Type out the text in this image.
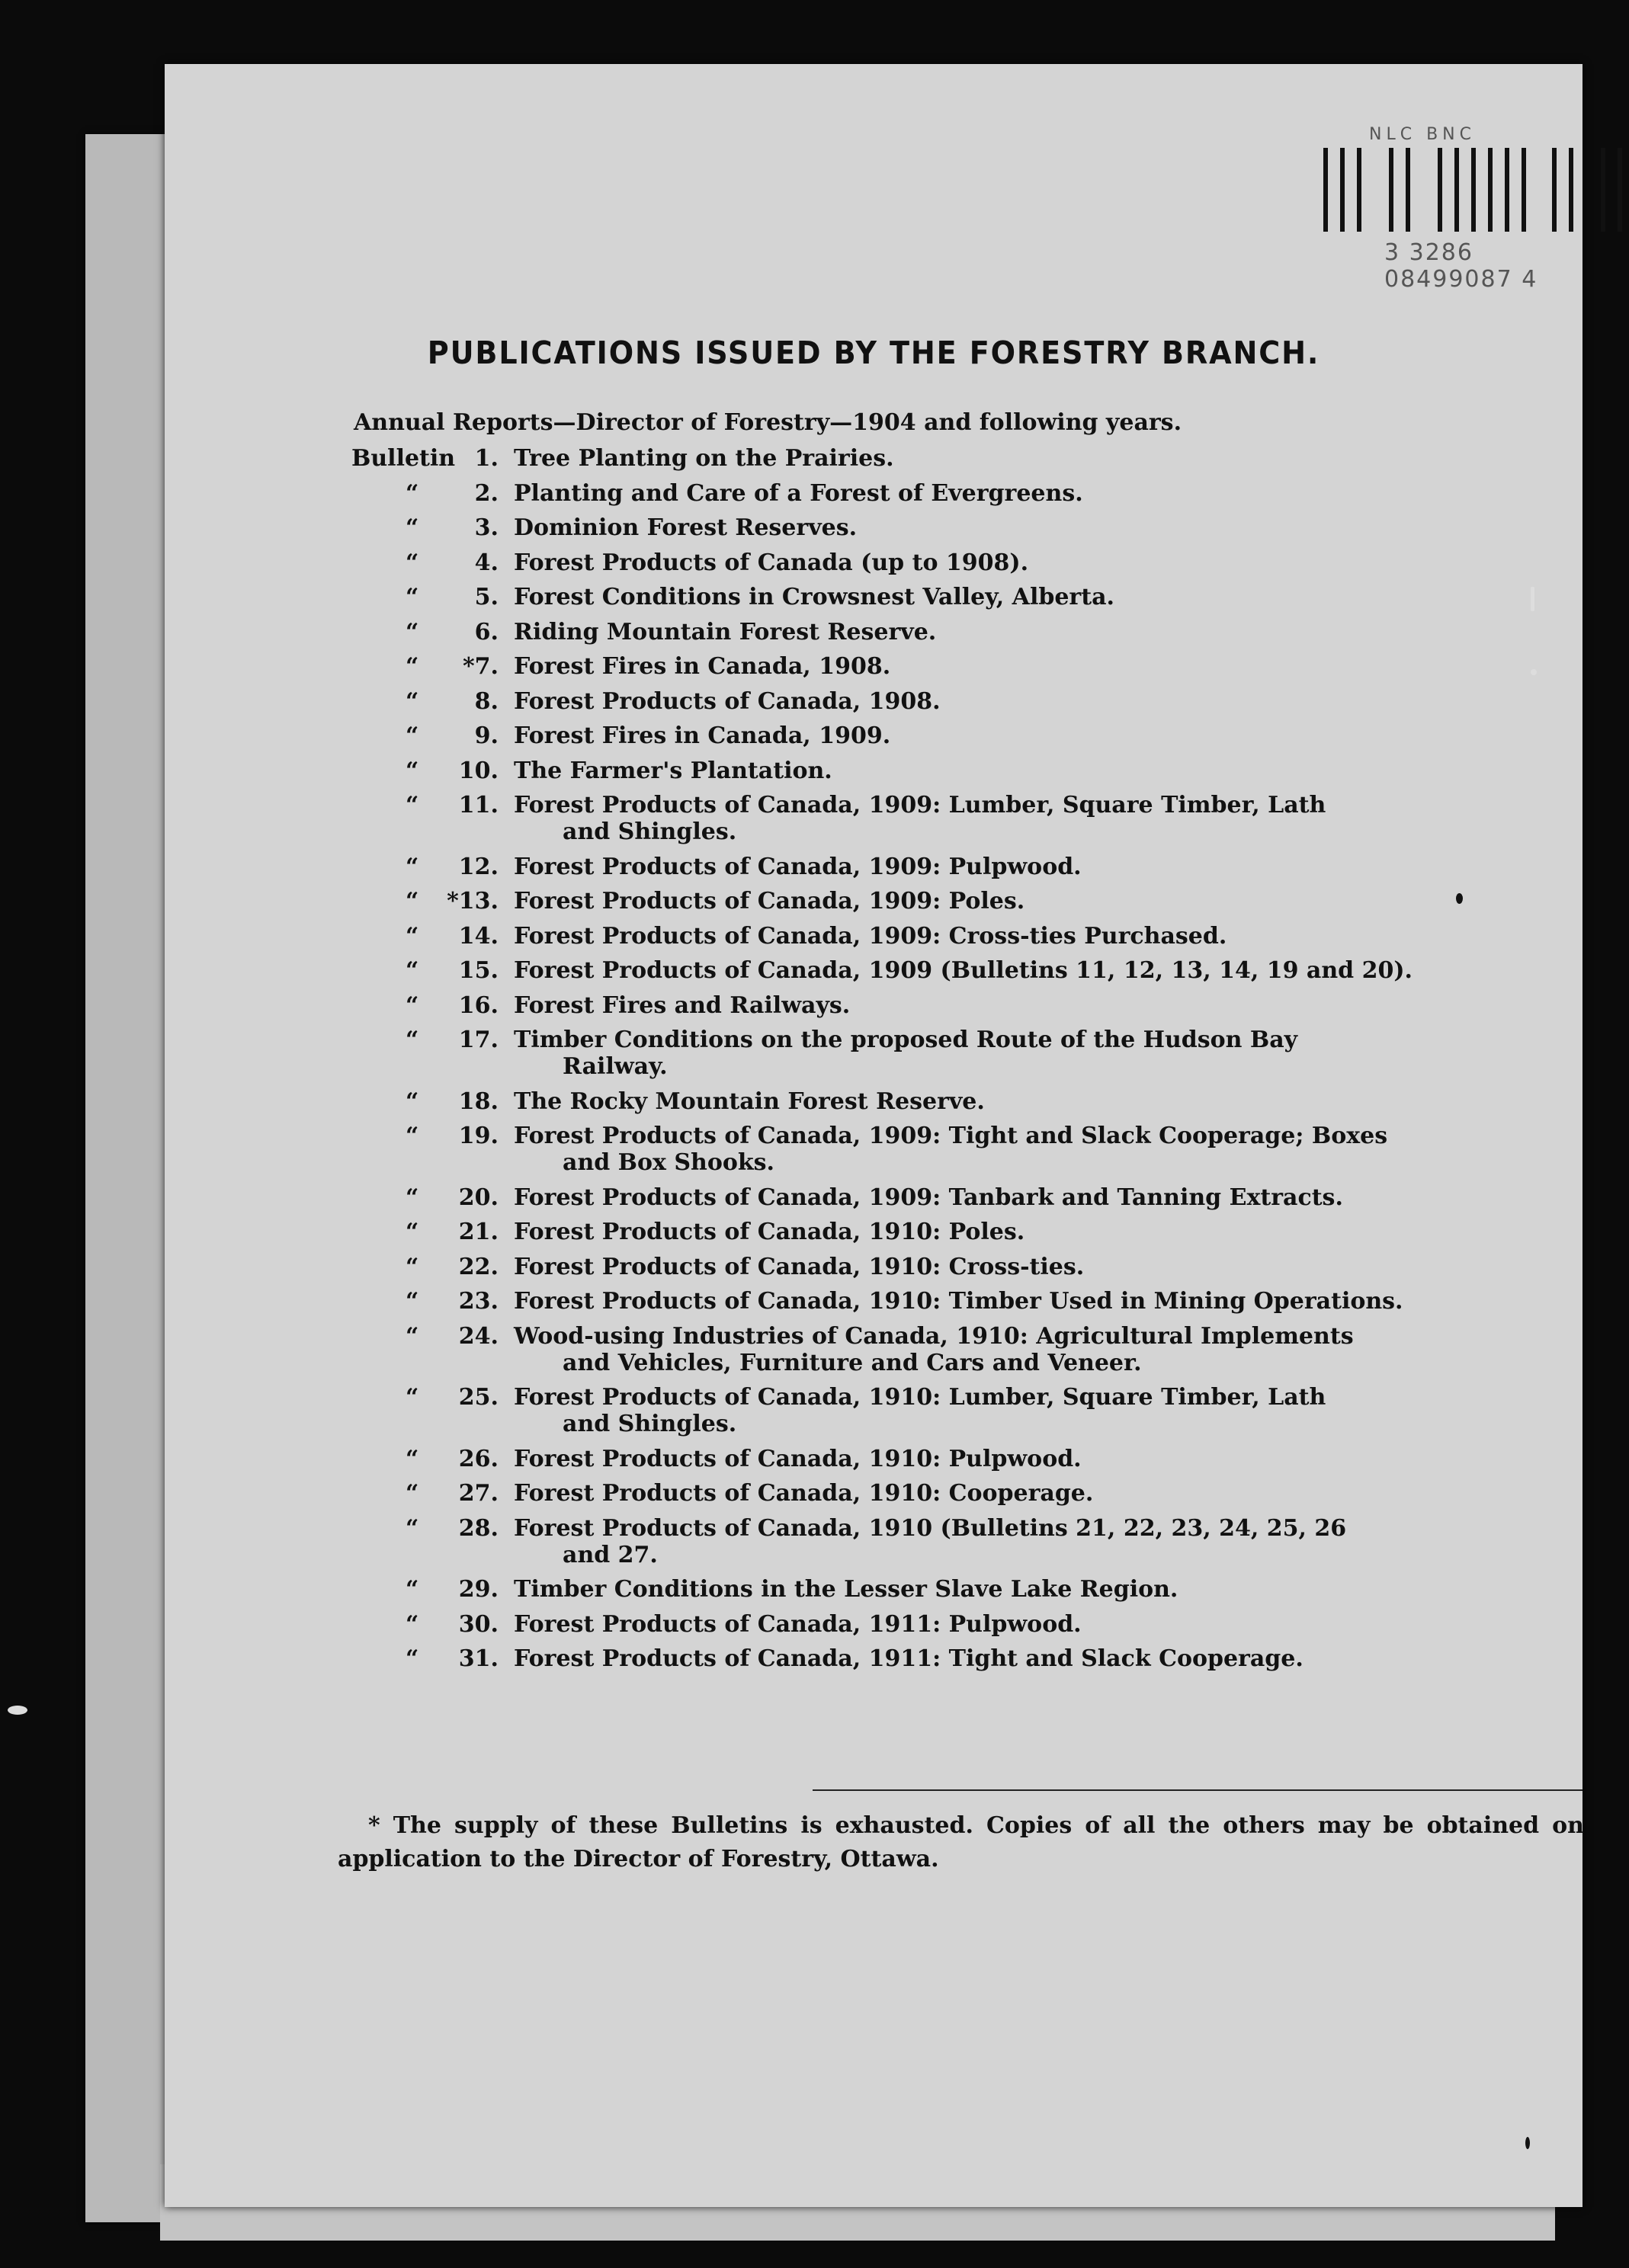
NLC BNC
3 3286 08499087 4
PUBLICATIONS ISSUED BY THE FORESTRY BRANCH.
Annual Reports—Director of Forestry—1904 and following years.
Bulletin 1. Tree Planting on the Prairies.
“	2. Planting and Care of a Forest of Evergreens.
“	3. Dominion Forest Reserves.
“	4. Forest Products of Canada (up to 1908).
“	5. Forest Conditions in Crowsnest Valley, Alberta.
“	6. Riding Mountain Forest Reserve.
“	*7. Forest Fires in Canada, 1908.
“	8. Forest Products of Canada, 1908.
“	9. Forest Fires in Canada, 1909.
“	10. The Farmer's Plantation.
“	11. Forest Products of Canada, 1909: Lumber, Square Timber, Lath
and Shingles.
“	12. Forest Products of Canada, 1909: Pulpwood.
“	*13. Forest Products of Canada, 1909: Poles.
“	14. Forest Products of Canada, 1909: Cross-ties Purchased.
“	15. Forest Products of Canada, 1909 (Bulletins 11, 12, 13, 14, 19 and 20).
“	16. Forest Fires and Railways.
“	17. Timber Conditions on the proposed Route of the Hudson Bay
Railway.
“	18. The Rocky Mountain Forest Reserve.
“	19. Forest Products of Canada, 1909: Tight and Slack Cooperage; Boxes
and Box Shooks.
“	20. Forest Products of Canada, 1909: Tanbark and Tanning Extracts.
“	21. Forest Products of Canada, 1910: Poles.
“	22. Forest Products of Canada, 1910: Cross-ties.
“	23. Forest Products of Canada, 1910: Timber Used in Mining Operations.
“	24. Wood-using Industries of Canada, 1910: Agricultural Implements
and Vehicles, Furniture and Cars and Veneer.
“	25. Forest Products of Canada, 1910: Lumber, Square Timber, Lath
and Shingles.
“	26. Forest Products of Canada, 1910: Pulpwood.
“	27. Forest Products of Canada, 1910: Cooperage.
“	28. Forest Products of Canada, 1910 (Bulletins 21, 22, 23, 24, 25, 26
and 27.
“	29. Timber Conditions in the Lesser Slave Lake Region.
“	30. Forest Products of Canada, 1911: Pulpwood.
“	31. Forest Products of Canada, 1911: Tight and Slack Cooperage.
* The supply of these Bulletins is exhausted. Copies of all the others may be obtained on application to the Director of Forestry, Ottawa.
